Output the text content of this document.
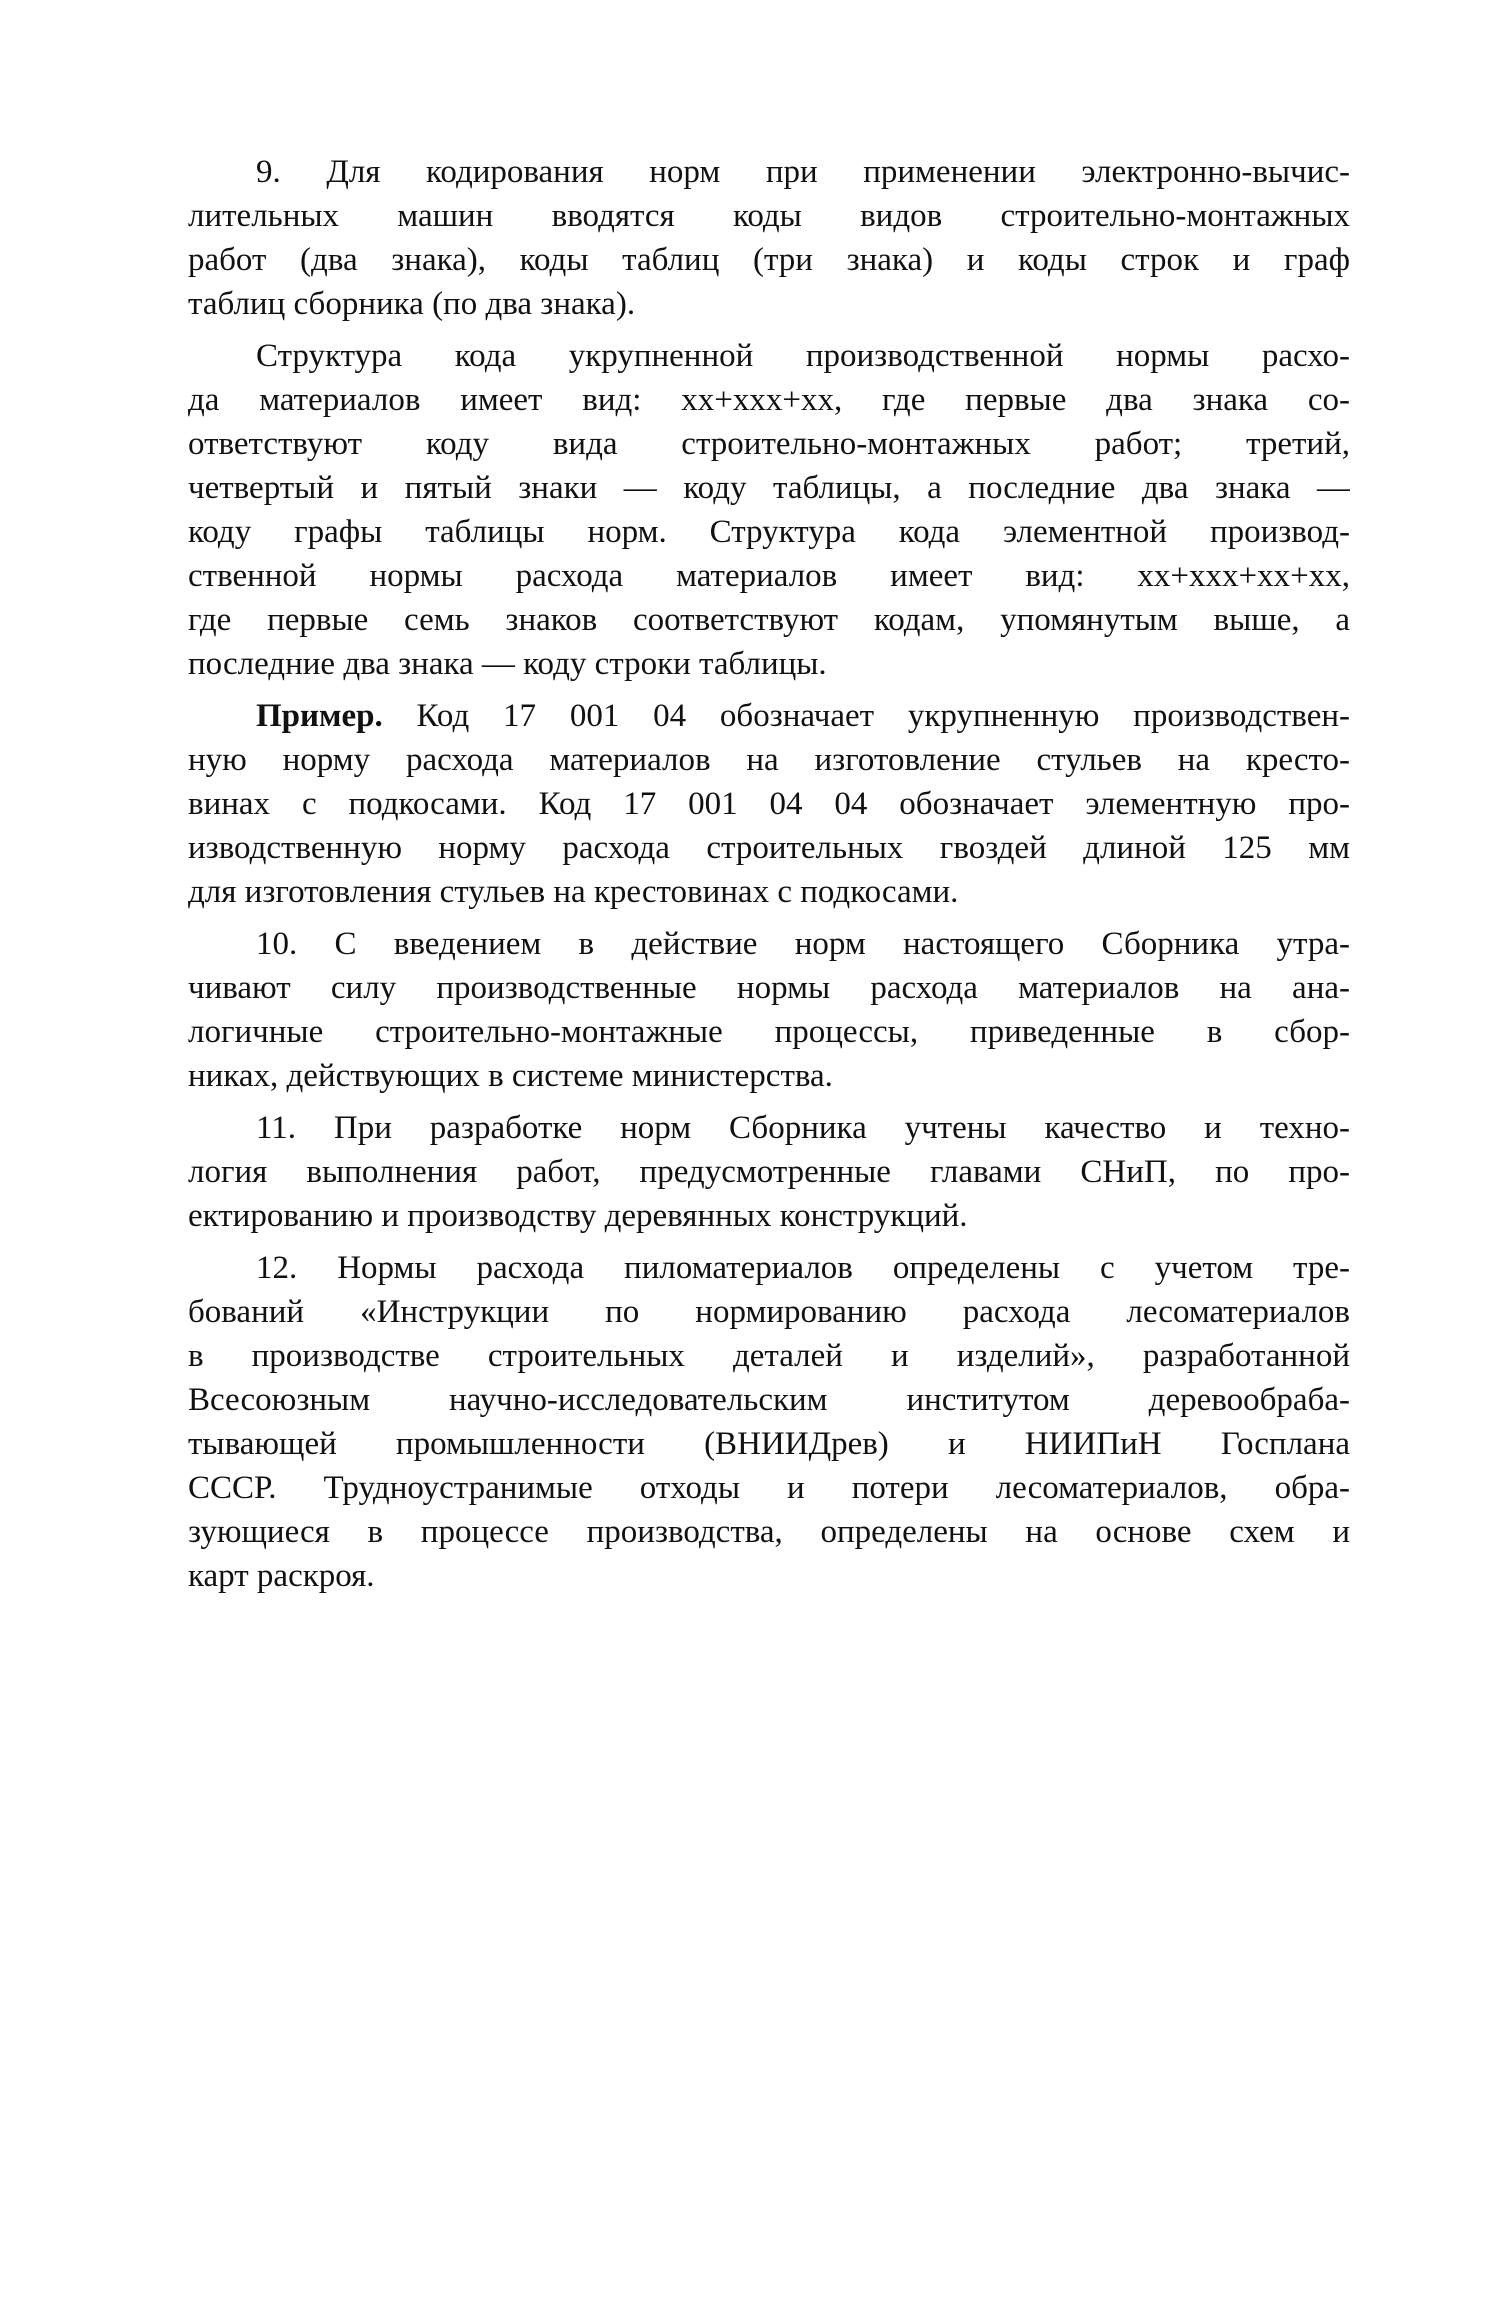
9. Для кодирования норм при применении электронно-вычис-
лительных машин вводятся коды видов строительно-монтажных
работ (два знака), коды таблиц (три знака) и коды строк и граф
таблиц сборника (по два знака).
Структура кода укрупненной производственной нормы расхо-
да материалов имеет вид: хх+ххх+хх, где первые два знака со-
ответствуют коду вида строительно-монтажных работ; третий,
четвертый и пятый знаки — коду таблицы, а последние два знака —
коду графы таблицы норм. Структура кода элементной производ-
ственной нормы расхода материалов имеет вид: хх+ххх+хх+хх,
где первые семь знаков соответствуют кодам, упомянутым выше, а
последние два знака — коду строки таблицы.
Пример. Код 17 001 04 обозначает укрупненную производствен-
ную норму расхода материалов на изготовление стульев на кресто-
винах с подкосами. Код 17 001 04 04 обозначает элементную про-
изводственную норму расхода строительных гвоздей длиной 125 мм
для изготовления стульев на крестовинах с подкосами.
10. С введением в действие норм настоящего Сборника утра-
чивают силу производственные нормы расхода материалов на ана-
логичные строительно-монтажные процессы, приведенные в сбор-
никах, действующих в системе министерства.
11. При разработке норм Сборника учтены качество и техно-
логия выполнения работ, предусмотренные главами СНиП, по про-
ектированию и производству деревянных конструкций.
12. Нормы расхода пиломатериалов определены с учетом тре-
бований «Инструкции по нормированию расхода лесоматериалов
в производстве строительных деталей и изделий», разработанной
Всесоюзным научно-исследовательским институтом деревообраба-
тывающей промышленности (ВНИИДрев) и НИИПиН Госплана
СССР. Трудноустранимые отходы и потери лесоматериалов, обра-
зующиеся в процессе производства, определены на основе схем и
карт раскроя.
